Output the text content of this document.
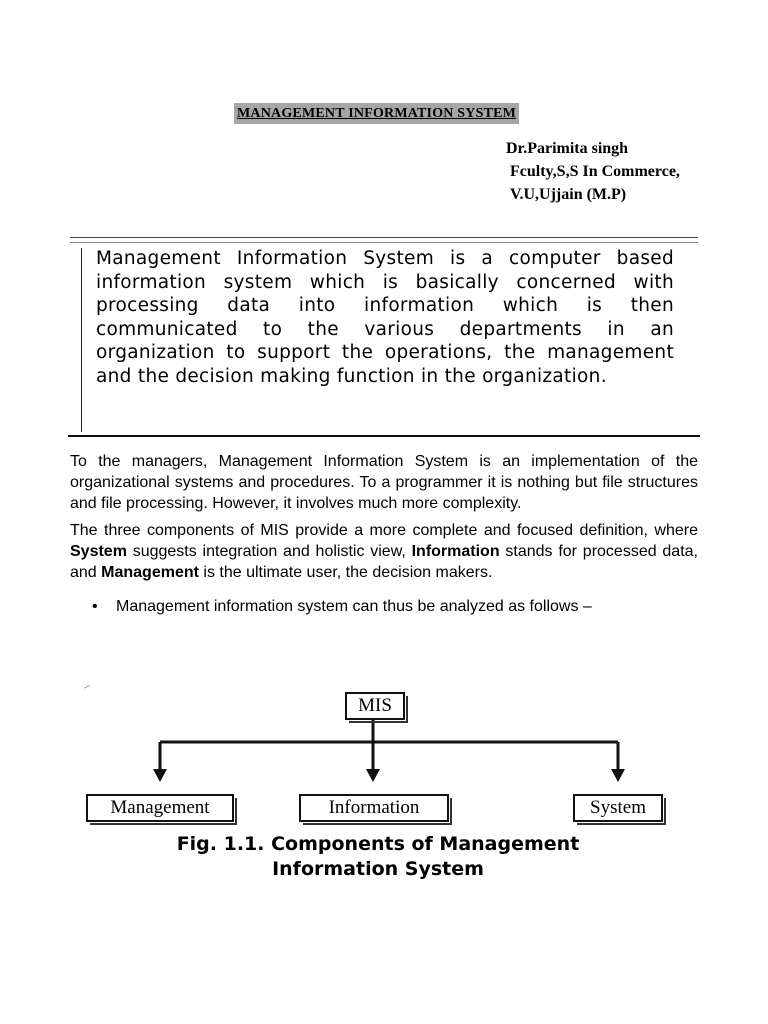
MANAGEMENT INFORMATION SYSTEM
Dr.Parimita singh
Fculty,S,S In Commerce,
V.U,Ujjain (M.P)
Management Information System is a computer based information system which is basically concerned with processing data into information which is then communicated to the various departments in an organization to support the operations, the management and the decision making function in the organization.
To the managers, Management Information System is an implementation of the organizational systems and procedures. To a programmer it is nothing but file structures and file processing. However, it involves much more complexity.
The three components of MIS provide a more complete and focused definition, where System suggests integration and holistic view, Information stands for processed data, and Management is the ultimate user, the decision makers.
• Management information system can thus be analyzed as follows –
MIS
Management	Information	System
Fig. 1.1. Components of Management
Information System
